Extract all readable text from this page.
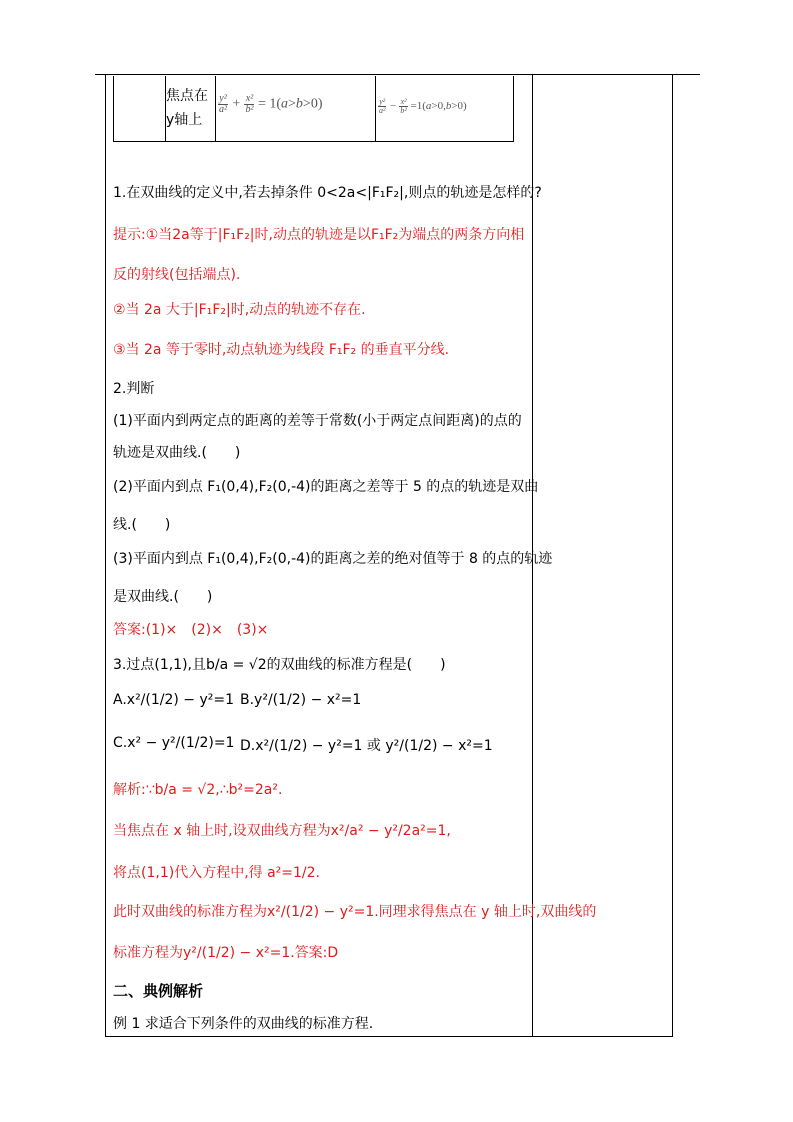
焦点在
y轴上
$\frac{\text{y²}}{\text{a²}} + \frac{\text{x²}}{\text{b²}} = 1(a>b>0)$	$\frac{\text{y²}}{\text{a²}} - \frac{\text{x²}}{\text{b²}} =1(a>0,b>0)$
1.在双曲线的定义中,若去掉条件 0<2a<|F₁F₂|,则点的轨迹是怎样的?
提示:①当2a等于|F₁F₂|时,动点的轨迹是以F₁F₂为端点的两条方向相
反的射线(包括端点).
②当 2a 大于|F₁F₂|时,动点的轨迹不存在.
③当 2a 等于零时,动点轨迹为线段 F₁F₂ 的垂直平分线.
2.判断
(1)平面内到两定点的距离的差等于常数(小于两定点间距离)的点的
轨迹是双曲线.(　　)
(2)平面内到点 F₁(0,4),F₂(0,-4)的距离之差等于 5 的点的轨迹是双曲
线.(　　)
(3)平面内到点 F₁(0,4),F₂(0,-4)的距离之差的绝对值等于 8 的点的轨迹
是双曲线.(　　)
答案:(1)×　(2)×　(3)×
3.过点(1,1),且b/a = √2的双曲线的标准方程是(　　)
A.x²/(1/2) − y²=1 B.y²/(1/2) − x²=1
C.x² − y²/(1/2)=1 D.x²/(1/2) − y²=1 或 y²/(1/2) − x²=1
解析:∵b/a = √2,∴b²=2a².
当焦点在 x 轴上时,设双曲线方程为x²/a² − y²/2a²=1,
将点(1,1)代入方程中,得 a²=1/2.
此时双曲线的标准方程为x²/(1/2) − y²=1.同理求得焦点在 y 轴上时,双曲线的
标准方程为y²/(1/2) − x²=1.答案:D
二、典例解析
例 1 求适合下列条件的双曲线的标准方程.
